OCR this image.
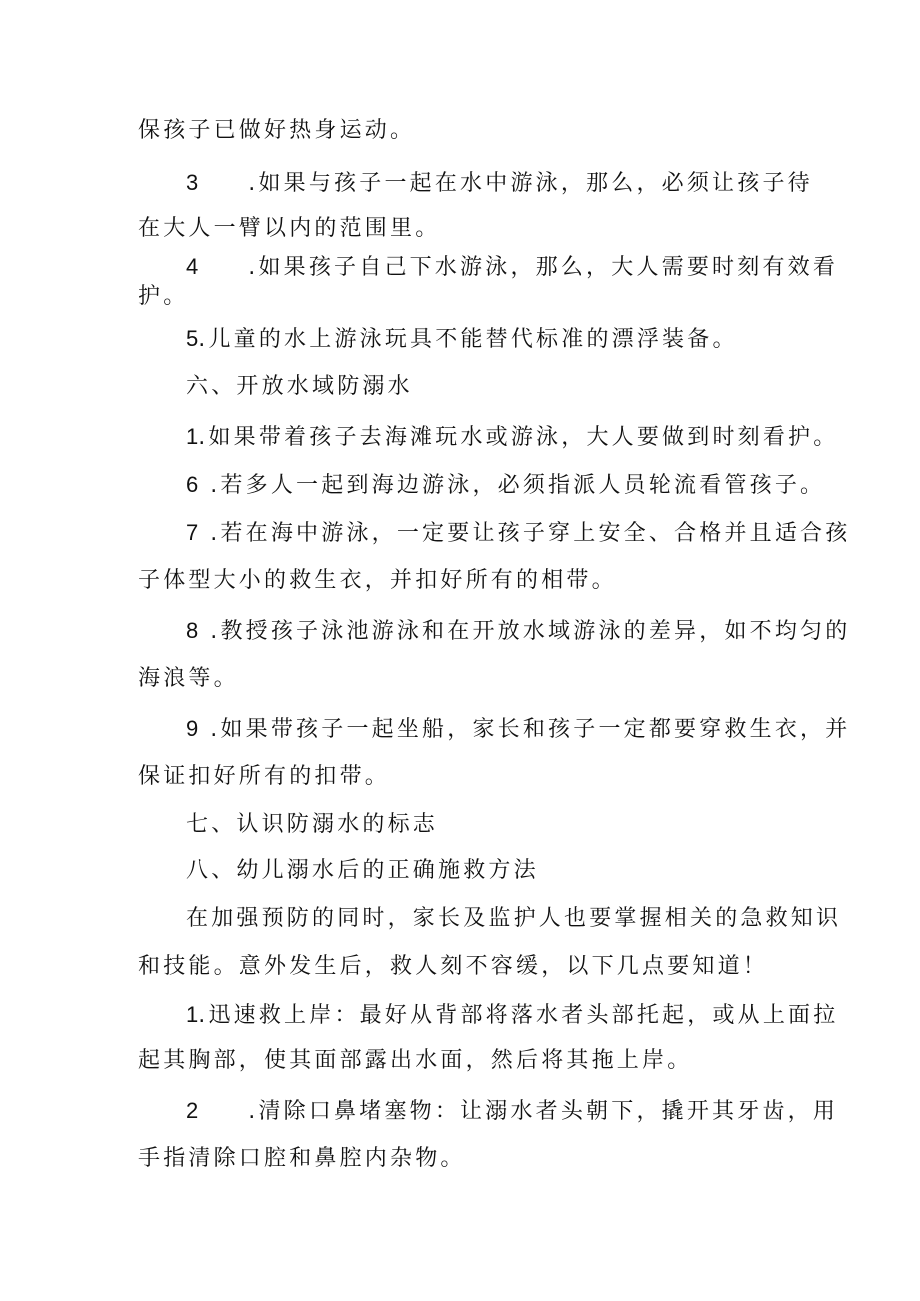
保孩子已做好热身运动。
3 .如果与孩子一起在水中游泳，那么，必须让孩子待
在大人一臂以内的范围里。
4 .如果孩子自己下水游泳，那么，大人需要时刻有效看
护。
5.儿童的水上游泳玩具不能替代标准的漂浮装备。
六、开放水域防溺水
1.如果带着孩子去海滩玩水或游泳，大人要做到时刻看护。
6 .若多人一起到海边游泳，必须指派人员轮流看管孩子。
7 .若在海中游泳，一定要让孩子穿上安全、合格并且适合孩
子体型大小的救生衣，并扣好所有的相带。
8 .教授孩子泳池游泳和在开放水域游泳的差异，如不均匀的
海浪等。
9 .如果带孩子一起坐船，家长和孩子一定都要穿救生衣，并
保证扣好所有的扣带。
七、认识防溺水的标志
八、幼儿溺水后的正确施救方法
在加强预防的同时，家长及监护人也要掌握相关的急救知识
和技能。意外发生后，救人刻不容缓，以下几点要知道！
1.迅速救上岸：最好从背部将落水者头部托起，或从上面拉
起其胸部，使其面部露出水面，然后将其拖上岸。
2 .清除口鼻堵塞物：让溺水者头朝下，撬开其牙齿，用
手指清除口腔和鼻腔内杂物。
